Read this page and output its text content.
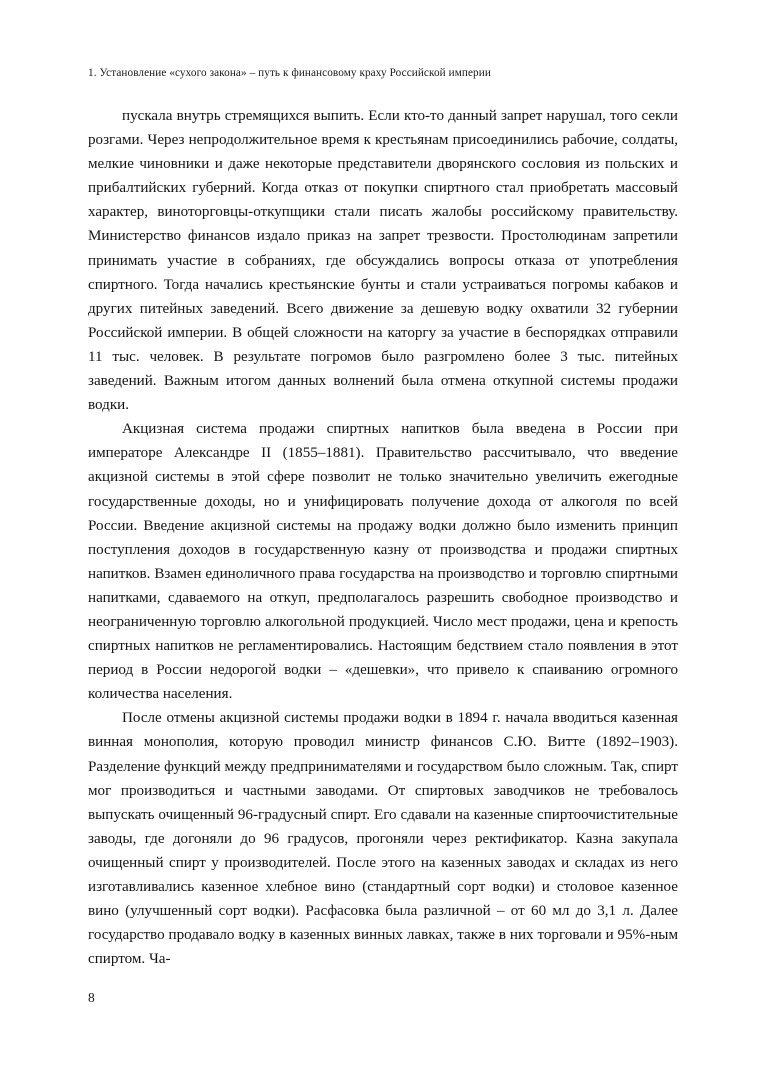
1. Установление «сухого закона» – путь к финансовому краху Российской империи

пускала внутрь стремящихся выпить. Если кто-то данный запрет нарушал, того секли розгами. Через непродолжительное время к крестьянам присоединились рабочие, солдаты, мелкие чиновники и даже некоторые представители дворянского сословия из польских и прибалтийских губерний. Когда отказ от покупки спиртного стал приобретать массовый характер, виноторговцы-откупщики стали писать жалобы российскому правительству. Министерство финансов издало приказ на запрет трезвости. Простолюдинам запретили принимать участие в собраниях, где обсуждались вопросы отказа от употребления спиртного. Тогда начались крестьянские бунты и стали устраиваться погромы кабаков и других питейных заведений. Всего движение за дешевую водку охватили 32 губернии Российской империи. В общей сложности на каторгу за участие в беспорядках отправили 11 тыс. человек. В результате погромов было разгромлено более 3 тыс. питейных заведений. Важным итогом данных волнений была отмена откупной системы продажи водки.

Акцизная система продажи спиртных напитков была введена в России при императоре Александре II (1855–1881). Правительство рассчитывало, что введение акцизной системы в этой сфере позволит не только значительно увеличить ежегодные государственные доходы, но и унифицировать получение дохода от алкоголя по всей России. Введение акцизной системы на продажу водки должно было изменить принцип поступления доходов в государственную казну от производства и продажи спиртных напитков. Взамен единоличного права государства на производство и торговлю спиртными напитками, сдаваемого на откуп, предполагалось разрешить свободное производство и неограниченную торговлю алкогольной продукцией. Число мест продажи, цена и крепость спиртных напитков не регламентировались. Настоящим бедствием стало появления в этот период в России недорогой водки – «дешевки», что привело к спаиванию огромного количества населения.

После отмены акцизной системы продажи водки в 1894 г. начала вводиться казенная винная монополия, которую проводил министр финансов С.Ю. Витте (1892–1903). Разделение функций между предпринимателями и государством было сложным. Так, спирт мог производиться и частными заводами. От спиртовых заводчиков не требовалось выпускать очищенный 96-градусный спирт. Его сдавали на казенные спиртоочистительные заводы, где догоняли до 96 градусов, прогоняли через ректификатор. Казна закупала очищенный спирт у производителей. После этого на казенных заводах и складах из него изготавливались казенное хлебное вино (стандартный сорт водки) и столовое казенное вино (улучшенный сорт водки). Расфасовка была различной – от 60 мл до 3,1 л. Далее государство продавало водку в казенных винных лавках, также в них торговали и 95%-ным спиртом. Ча-

8
